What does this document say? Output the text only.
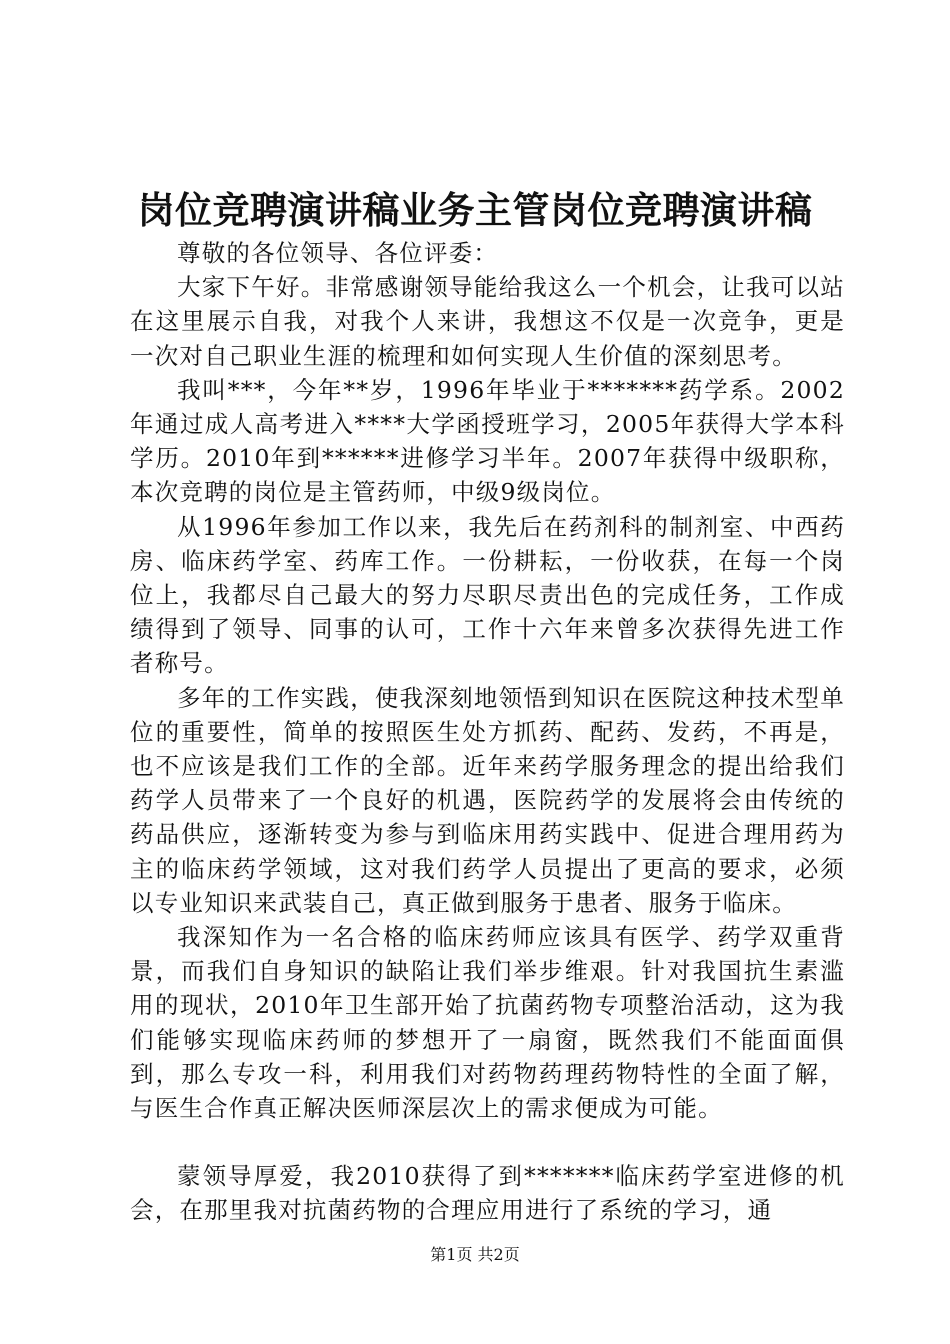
岗位竞聘演讲稿业务主管岗位竞聘演讲稿

尊敬的各位领导、各位评委：

大家下午好。非常感谢领导能给我这么一个机会，让我可以站在这里展示自我，对我个人来讲，我想这不仅是一次竞争，更是一次对自己职业生涯的梳理和如何实现人生价值的深刻思考。

我叫***，今年**岁，1996年毕业于*******药学系。2002年通过成人高考进入****大学函授班学习，2005年获得大学本科学历。2010年到******进修学习半年。2007年获得中级职称，本次竞聘的岗位是主管药师，中级9级岗位。

从1996年参加工作以来，我先后在药剂科的制剂室、中西药房、临床药学室、药库工作。一份耕耘，一份收获，在每一个岗位上，我都尽自己最大的努力尽职尽责出色的完成任务，工作成绩得到了领导、同事的认可，工作十六年来曾多次获得先进工作者称号。

多年的工作实践，使我深刻地领悟到知识在医院这种技术型单位的重要性，简单的按照医生处方抓药、配药、发药，不再是，也不应该是我们工作的全部。近年来药学服务理念的提出给我们药学人员带来了一个良好的机遇，医院药学的发展将会由传统的药品供应，逐渐转变为参与到临床用药实践中、促进合理用药为主的临床药学领域，这对我们药学人员提出了更高的要求，必须以专业知识来武装自己，真正做到服务于患者、服务于临床。

我深知作为一名合格的临床药师应该具有医学、药学双重背景，而我们自身知识的缺陷让我们举步维艰。针对我国抗生素滥用的现状，2010年卫生部开始了抗菌药物专项整治活动，这为我们能够实现临床药师的梦想开了一扇窗，既然我们不能面面俱到，那么专攻一科，利用我们对药物药理药物特性的全面了解，与医生合作真正解决医师深层次上的需求便成为可能。

蒙领导厚爱，我2010获得了到*******临床药学室进修的机会，在那里我对抗菌药物的合理应用进行了系统的学习，通

第1页 共2页
